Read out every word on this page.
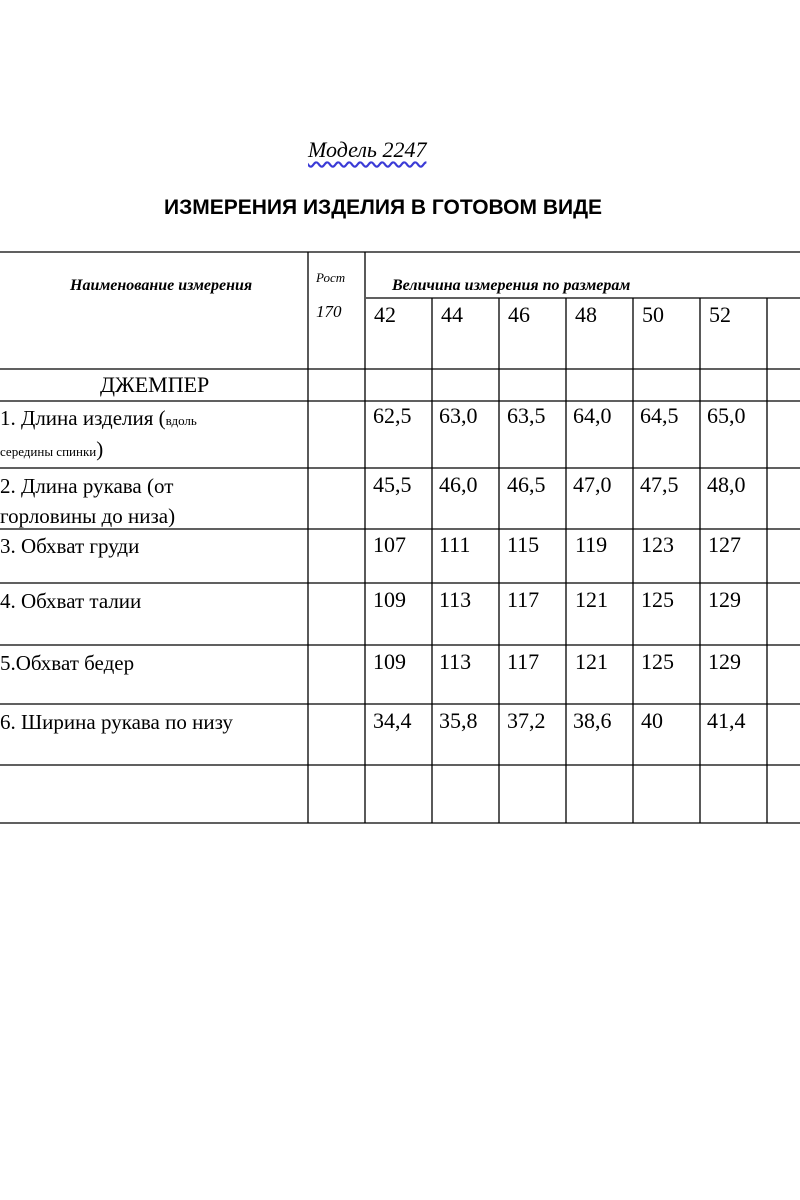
Модель 2247
ИЗМЕРЕНИЯ ИЗДЕЛИЯ В ГОТОВОМ ВИДЕ
Наименование измерения	Рост
170
Величина измерения по размерам
42 44 46 48 50 52
ДЖЕМПЕР
1. Длина изделия (вдоль
середины спинки)
62,5 63,0 63,5 64,0 64,5 65,0
2. Длина рукава (от
горловины до низа)
45,5 46,0 46,5 47,0 47,5 48,0
3. Обхват груди	107 111 115 119 123 127
4. Обхват талии	109 113 117 121 125 129
5.Обхват бедер	109 113 117 121 125 129
6. Ширина рукава по низу	34,4 35,8 37,2 38,6 40 41,4
